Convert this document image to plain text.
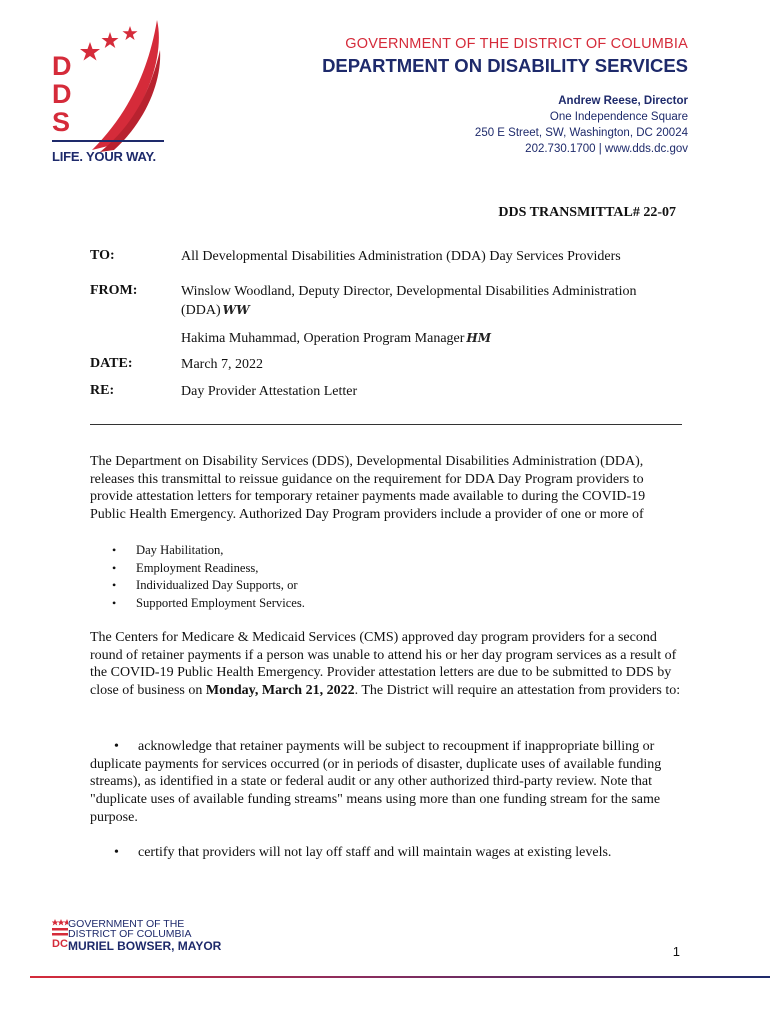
D
D
S
LIFE. YOUR WAY.
GOVERNMENT OF THE DISTRICT OF COLUMBIA
DEPARTMENT ON DISABILITY SERVICES
Andrew Reese, Director
One Independence Square
250 E Street, SW, Washington, DC 20024
202.730.1700 | www.dds.dc.gov
DDS TRANSMITTAL# 22-07
TO:	All Developmental Disabilities Administration (DDA) Day Services Providers
FROM:	Winslow Woodland, Deputy Director, Developmental Disabilities Administration (DDA) WW
Hakima Muhammad, Operation Program Manager HM
DATE:	March 7, 2022
RE:	Day Provider Attestation Letter
The Department on Disability Services (DDS), Developmental Disabilities Administration (DDA), releases this transmittal to reissue guidance on the requirement for DDA Day Program providers to provide attestation letters for temporary retainer payments made available to during the COVID-19 Public Health Emergency. Authorized Day Program providers include a provider of one or more of
• Day Habilitation,
• Employment Readiness,
• Individualized Day Supports, or
• Supported Employment Services.
The Centers for Medicare & Medicaid Services (CMS) approved day program providers for a second round of retainer payments if a person was unable to attend his or her day program services as a result of the COVID-19 Public Health Emergency. Provider attestation letters are due to be submitted to DDS by close of business on Monday, March 21, 2022. The District will require an attestation from providers to:
• acknowledge that retainer payments will be subject to recoupment if inappropriate billing or duplicate payments for services occurred (or in periods of disaster, duplicate uses of available funding streams), as identified in a state or federal audit or any other authorized third-party review. Note that "duplicate uses of available funding streams" means using more than one funding stream for the same purpose.
• certify that providers will not lay off staff and will maintain wages at existing levels.
DC
GOVERNMENT OF THE
DISTRICT OF COLUMBIA
MURIEL BOWSER, MAYOR	1
